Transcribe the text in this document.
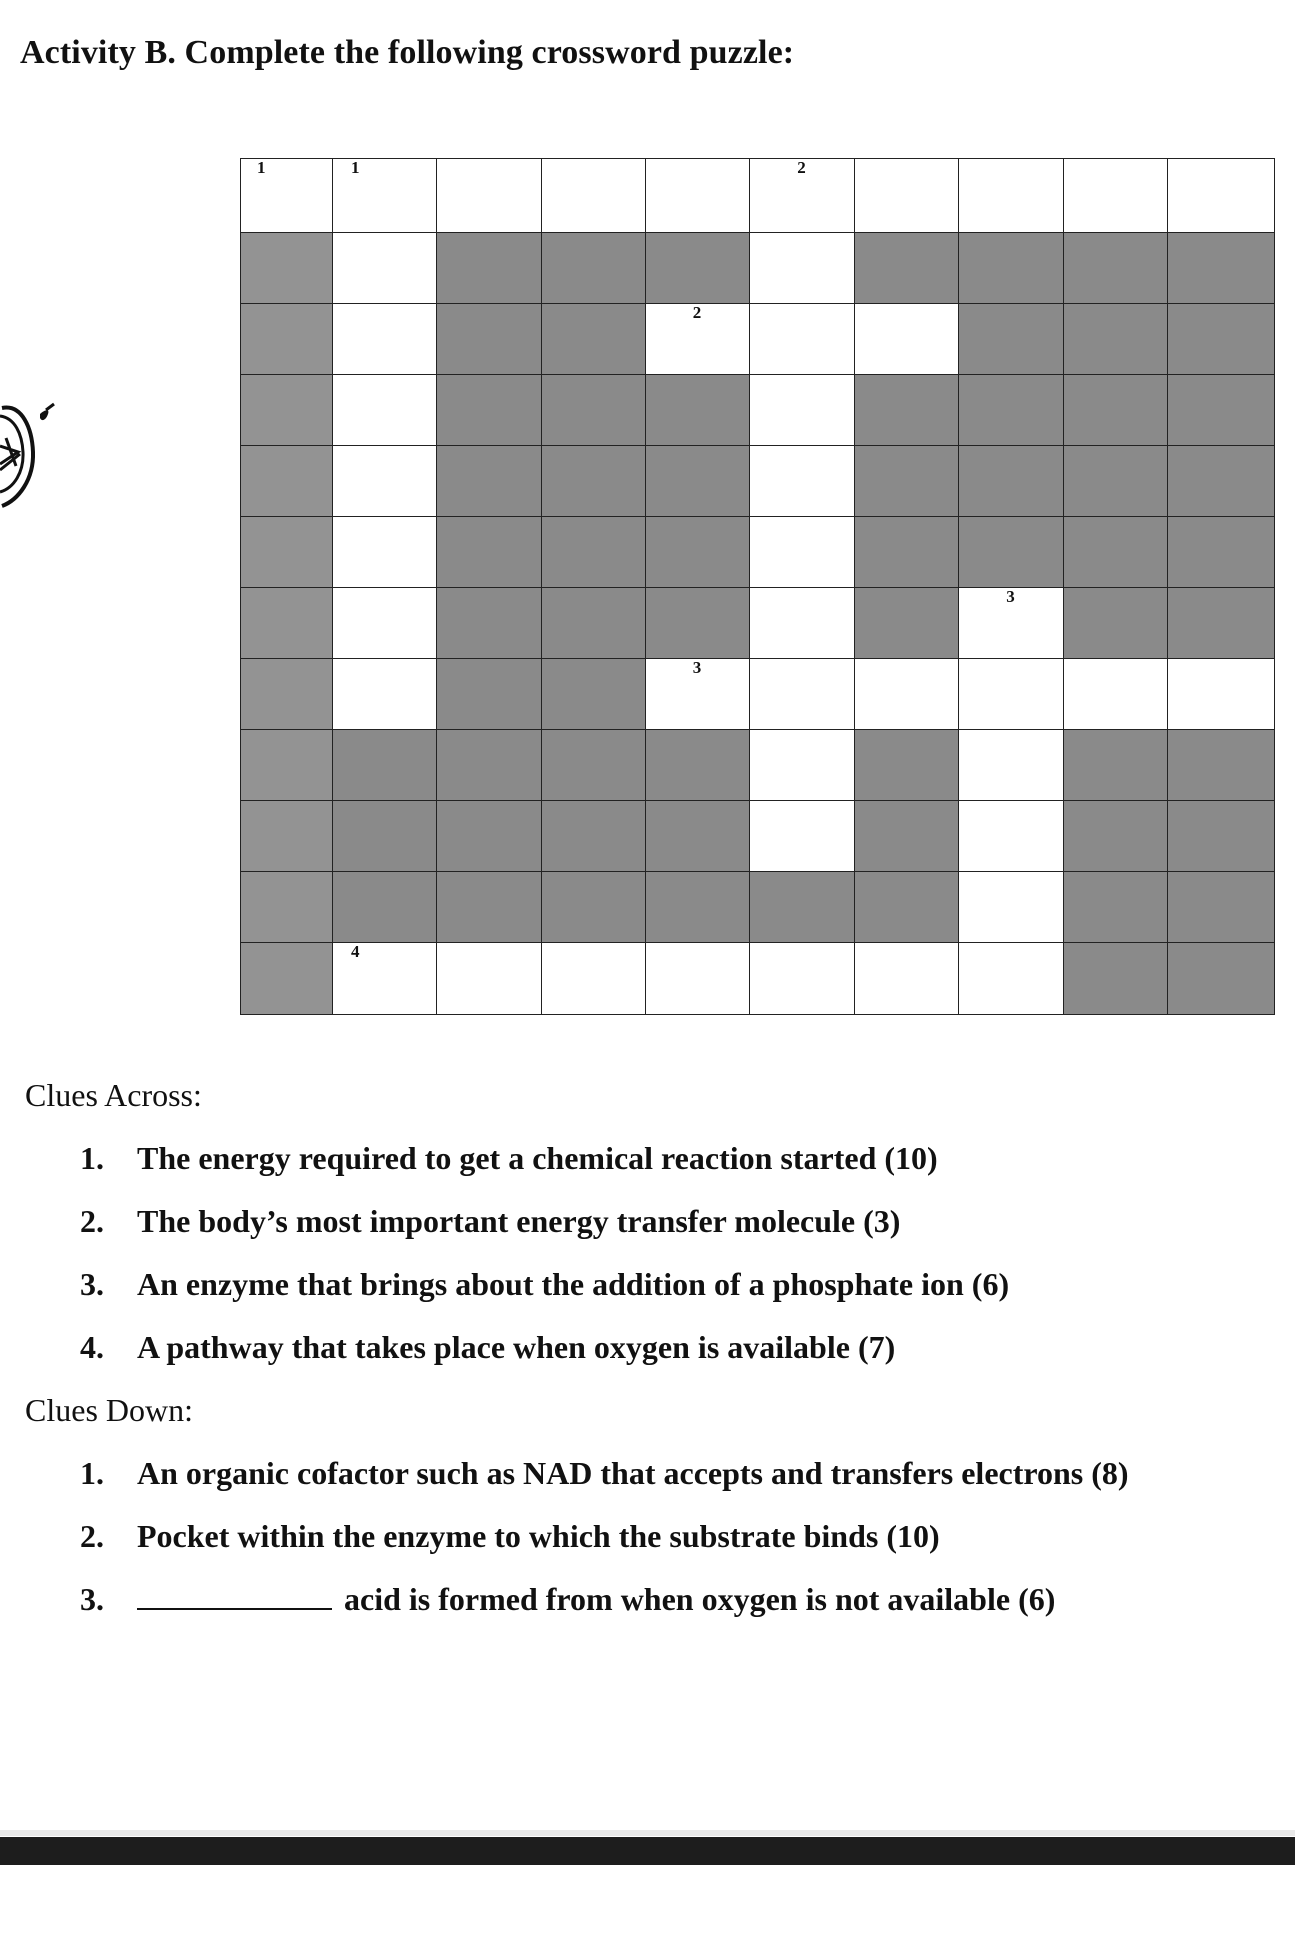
Activity B. Complete the following crossword puzzle:
1	1	2
2
3
3
4
Clues Across:
1. The energy required to get a chemical reaction started (10)
2. The body’s most important energy transfer molecule (3)
3. An enzyme that brings about the addition of a phosphate ion (6)
4. A pathway that takes place when oxygen is available (7)
Clues Down:
1. An organic cofactor such as NAD that accepts and transfers electrons (8)
2. Pocket within the enzyme to which the substrate binds (10)
3.	acid is formed from when oxygen is not available (6)
